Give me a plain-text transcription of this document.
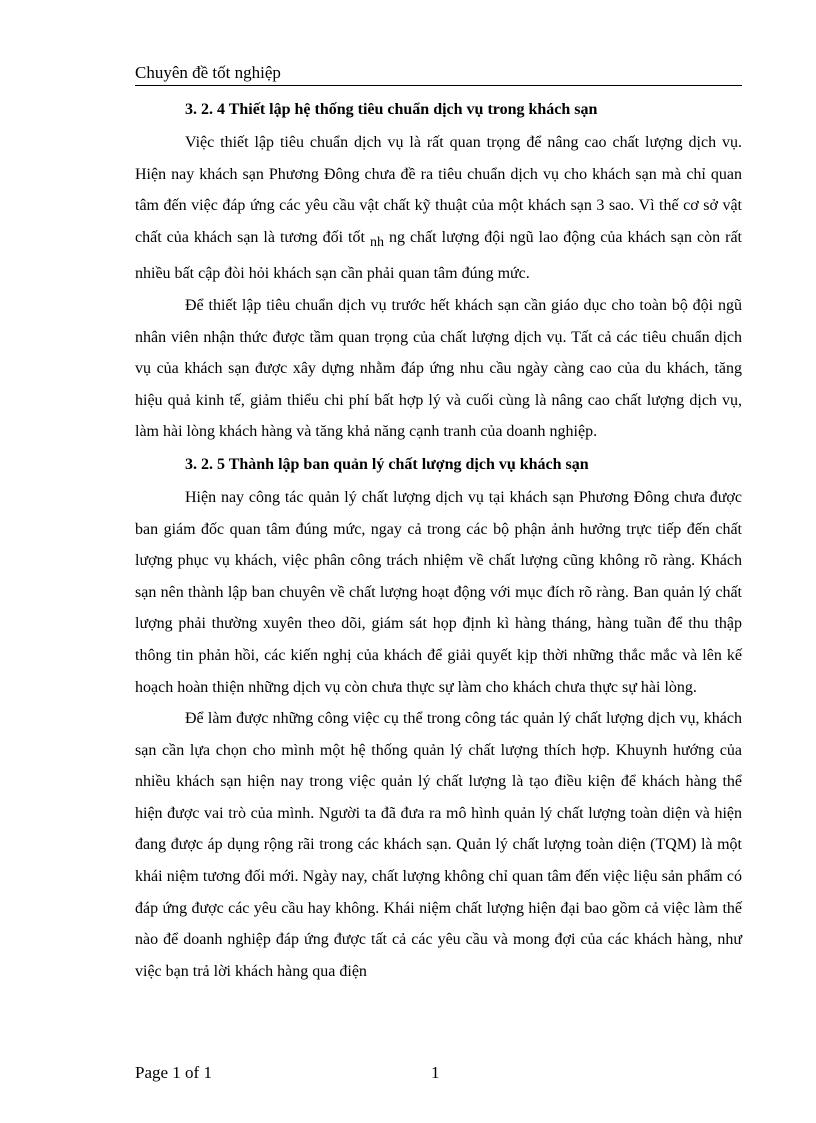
Chuyên đề tốt nghiệp
3. 2. 4 Thiết lập hệ thống tiêu chuẩn dịch vụ trong khách sạn

Việc thiết lập tiêu chuẩn dịch vụ là rất quan trọng để nâng cao chất lượng dịch vụ. Hiện nay khách sạn Phương Đông chưa đề ra tiêu chuẩn dịch vụ cho khách sạn mà chỉ quan tâm đến việc đáp ứng các yêu cầu vật chất kỹ thuật của một khách sạn 3 sao. Vì thế cơ sở vật chất của khách sạn là tương đối tốt nh ng chất lượng đội ngũ lao động của khách sạn còn rất nhiều bất cập đòi hỏi khách sạn cần phải quan tâm đúng mức.

Để thiết lập tiêu chuẩn dịch vụ trước hết khách sạn cần giáo dục cho toàn bộ đội ngũ nhân viên nhận thức được tầm quan trọng của chất lượng dịch vụ. Tất cả các tiêu chuẩn dịch vụ của khách sạn được xây dựng nhằm đáp ứng nhu cầu ngày càng cao của du khách, tăng hiệu quả kinh tế, giảm thiểu chi phí bất hợp lý và cuối cùng là nâng cao chất lượng dịch vụ, làm hài lòng khách hàng và tăng khả năng cạnh tranh của doanh nghiệp.

3. 2. 5 Thành lập ban quản lý chất lượng dịch vụ khách sạn

Hiện nay công tác quản lý chất lượng dịch vụ tại khách sạn Phương Đông chưa được ban giám đốc quan tâm đúng mức, ngay cả trong các bộ phận ảnh hưởng trực tiếp đến chất lượng phục vụ khách, việc phân công trách nhiệm về chất lượng cũng không rõ ràng. Khách sạn nên thành lập ban chuyên về chất lượng hoạt động với mục đích rõ ràng. Ban quản lý chất lượng phải thường xuyên theo dõi, giám sát họp định kì hàng tháng, hàng tuần để thu thập thông tin phản hồi, các kiến nghị của khách để giải quyết kịp thời những thắc mắc và lên kế hoạch hoàn thiện những dịch vụ còn chưa thực sự làm cho khách chưa thực sự hài lòng.

Để làm được những công việc cụ thể trong công tác quản lý chất lượng dịch vụ, khách sạn cần lựa chọn cho mình một hệ thống quản lý chất lượng thích hợp. Khuynh hướng của nhiều khách sạn hiện nay trong việc quản lý chất lượng là tạo điều kiện để khách hàng thể hiện được vai trò của mình. Người ta đã đưa ra mô hình quản lý chất lượng toàn diện và hiện đang được áp dụng rộng rãi trong các khách sạn. Quản lý chất lượng toàn diện (TQM) là một khái niệm tương đối mới. Ngày nay, chất lượng không chỉ quan tâm đến việc liệu sản phẩm có đáp ứng được các yêu cầu hay không. Khái niệm chất lượng hiện đại bao gồm cả việc làm thế nào để doanh nghiệp đáp ứng được tất cả các yêu cầu và mong đợi của các khách hàng, như việc bạn trả lời khách hàng qua điện

Page 1 of 1	1
